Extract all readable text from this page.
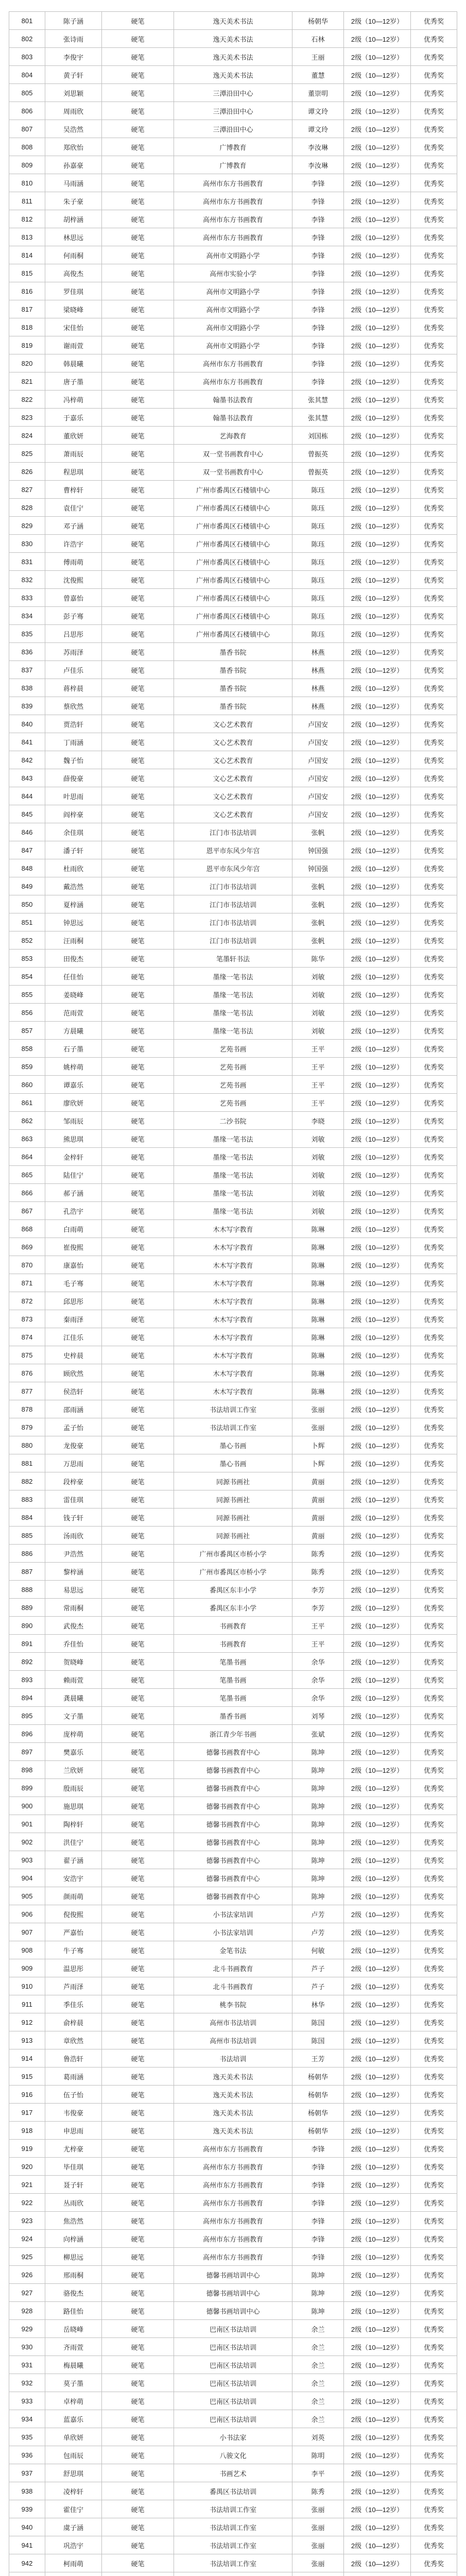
801	陈子涵	硬笔	逸天美术书法	杨朝华	2级（10—12岁）	优秀奖
802	张诗雨	硬笔	逸天美术书法	石林	2级（10—12岁）	优秀奖
803	李俊宇	硬笔	逸天美术书法	王丽	2级（10—12岁）	优秀奖
804	黄子轩	硬笔	逸天美术书法	董慧	2级（10—12岁）	优秀奖
805	刘思颖	硬笔	三潭沿田中心	董崇明	2级（10—12岁）	优秀奖
806	周雨欣	硬笔	三潭沿田中心	谭文玲	2级（10—12岁）	优秀奖
807	吴浩然	硬笔	三潭沿田中心	谭文玲	2级（10—12岁）	优秀奖
808	郑欣怡	硬笔	广博教育	李汝琳	2级（10—12岁）	优秀奖
809	孙嘉豪	硬笔	广博教育	李汝琳	2级（10—12岁）	优秀奖
810	马雨涵	硬笔	高州市东方书画教育	李锋	2级（10—12岁）	优秀奖
811	朱子豪	硬笔	高州市东方书画教育	李锋	2级（10—12岁）	优秀奖
812	胡梓涵	硬笔	高州市东方书画教育	李锋	2级（10—12岁）	优秀奖
813	林思远	硬笔	高州市东方书画教育	李锋	2级（10—12岁）	优秀奖
814	何雨桐	硬笔	高州市文明路小学	李锋	2级（10—12岁）	优秀奖
815	高俊杰	硬笔	高州市实验小学	李锋	2级（10—12岁）	优秀奖
816	罗佳琪	硬笔	高州市文明路小学	李锋	2级（10—12岁）	优秀奖
817	梁晓峰	硬笔	高州市文明路小学	李锋	2级（10—12岁）	优秀奖
818	宋佳怡	硬笔	高州市文明路小学	李锋	2级（10—12岁）	优秀奖
819	谢雨萱	硬笔	高州市文明路小学	李锋	2级（10—12岁）	优秀奖
820	韩晨曦	硬笔	高州市东方书画教育	李锋	2级（10—12岁）	优秀奖
821	唐子墨	硬笔	高州市东方书画教育	李锋	2级（10—12岁）	优秀奖
822	冯梓萌	硬笔	翰墨书法教育	张其慧	2级（10—12岁）	优秀奖
823	于嘉乐	硬笔	翰墨书法教育	张其慧	2级（10—12岁）	优秀奖
824	董欣妍	硬笔	艺海教育	刘国栋	2级（10—12岁）	优秀奖
825	萧雨辰	硬笔	双一堂书画教育中心	曾振英	2级（10—12岁）	优秀奖
826	程思琪	硬笔	双一堂书画教育中心	曾振英	2级（10—12岁）	优秀奖
827	曹梓轩	硬笔	广州市番禺区石楼镇中心	陈珏	2级（10—12岁）	优秀奖
828	袁佳宁	硬笔	广州市番禺区石楼镇中心	陈珏	2级（10—12岁）	优秀奖
829	邓子涵	硬笔	广州市番禺区石楼镇中心	陈珏	2级（10—12岁）	优秀奖
830	许浩宇	硬笔	广州市番禺区石楼镇中心	陈珏	2级（10—12岁）	优秀奖
831	傅雨萌	硬笔	广州市番禺区石楼镇中心	陈珏	2级（10—12岁）	优秀奖
832	沈俊熙	硬笔	广州市番禺区石楼镇中心	陈珏	2级（10—12岁）	优秀奖
833	曾嘉怡	硬笔	广州市番禺区石楼镇中心	陈珏	2级（10—12岁）	优秀奖
834	彭子骞	硬笔	广州市番禺区石楼镇中心	陈珏	2级（10—12岁）	优秀奖
835	吕思彤	硬笔	广州市番禺区石楼镇中心	陈珏	2级（10—12岁）	优秀奖
836	苏雨泽	硬笔	墨香书院	林燕	2级（10—12岁）	优秀奖
837	卢佳乐	硬笔	墨香书院	林燕	2级（10—12岁）	优秀奖
838	蒋梓晨	硬笔	墨香书院	林燕	2级（10—12岁）	优秀奖
839	蔡欣然	硬笔	墨香书院	林燕	2级（10—12岁）	优秀奖
840	贾浩轩	硬笔	文心艺术教育	卢国安	2级（10—12岁）	优秀奖
841	丁雨涵	硬笔	文心艺术教育	卢国安	2级（10—12岁）	优秀奖
842	魏子怡	硬笔	文心艺术教育	卢国安	2级（10—12岁）	优秀奖
843	薛俊豪	硬笔	文心艺术教育	卢国安	2级（10—12岁）	优秀奖
844	叶思雨	硬笔	文心艺术教育	卢国安	2级（10—12岁）	优秀奖
845	阎梓豪	硬笔	文心艺术教育	卢国安	2级（10—12岁）	优秀奖
846	余佳琪	硬笔	江门市书法培训	张帆	2级（10—12岁）	优秀奖
847	潘子轩	硬笔	恩平市东风少年宫	钟国强	2级（10—12岁）	优秀奖
848	杜雨欣	硬笔	恩平市东风少年宫	钟国强	2级（10—12岁）	优秀奖
849	戴浩然	硬笔	江门市书法培训	张帆	2级（10—12岁）	优秀奖
850	夏梓涵	硬笔	江门市书法培训	张帆	2级（10—12岁）	优秀奖
851	钟思远	硬笔	江门市书法培训	张帆	2级（10—12岁）	优秀奖
852	汪雨桐	硬笔	江门市书法培训	张帆	2级（10—12岁）	优秀奖
853	田俊杰	硬笔	笔墨轩书法	陈华	2级（10—12岁）	优秀奖
854	任佳怡	硬笔	墨缘一笔书法	刘敏	2级（10—12岁）	优秀奖
855	姜晓峰	硬笔	墨缘一笔书法	刘敏	2级（10—12岁）	优秀奖
856	范雨萱	硬笔	墨缘一笔书法	刘敏	2级（10—12岁）	优秀奖
857	方晨曦	硬笔	墨缘一笔书法	刘敏	2级（10—12岁）	优秀奖
858	石子墨	硬笔	艺苑书画	王平	2级（10—12岁）	优秀奖
859	姚梓萌	硬笔	艺苑书画	王平	2级（10—12岁）	优秀奖
860	谭嘉乐	硬笔	艺苑书画	王平	2级（10—12岁）	优秀奖
861	廖欣妍	硬笔	艺苑书画	王平	2级（10—12岁）	优秀奖
862	邹雨辰	硬笔	二沙书院	李晓	2级（10—12岁）	优秀奖
863	熊思琪	硬笔	墨缘一笔书法	刘敏	2级（10—12岁）	优秀奖
864	金梓轩	硬笔	墨缘一笔书法	刘敏	2级（10—12岁）	优秀奖
865	陆佳宁	硬笔	墨缘一笔书法	刘敏	2级（10—12岁）	优秀奖
866	郝子涵	硬笔	墨缘一笔书法	刘敏	2级（10—12岁）	优秀奖
867	孔浩宇	硬笔	墨缘一笔书法	刘敏	2级（10—12岁）	优秀奖
868	白雨萌	硬笔	木木写字教育	陈琳	2级（10—12岁）	优秀奖
869	崔俊熙	硬笔	木木写字教育	陈琳	2级（10—12岁）	优秀奖
870	康嘉怡	硬笔	木木写字教育	陈琳	2级（10—12岁）	优秀奖
871	毛子骞	硬笔	木木写字教育	陈琳	2级（10—12岁）	优秀奖
872	邱思彤	硬笔	木木写字教育	陈琳	2级（10—12岁）	优秀奖
873	秦雨泽	硬笔	木木写字教育	陈琳	2级（10—12岁）	优秀奖
874	江佳乐	硬笔	木木写字教育	陈琳	2级（10—12岁）	优秀奖
875	史梓晨	硬笔	木木写字教育	陈琳	2级（10—12岁）	优秀奖
876	顾欣然	硬笔	木木写字教育	陈琳	2级（10—12岁）	优秀奖
877	侯浩轩	硬笔	木木写字教育	陈琳	2级（10—12岁）	优秀奖
878	邵雨涵	硬笔	书法培训工作室	张丽	2级（10—12岁）	优秀奖
879	孟子怡	硬笔	书法培训工作室	张丽	2级（10—12岁）	优秀奖
880	龙俊豪	硬笔	墨心书画	卜辉	2级（10—12岁）	优秀奖
881	万思雨	硬笔	墨心书画	卜辉	2级（10—12岁）	优秀奖
882	段梓豪	硬笔	同源书画社	黄丽	2级（10—12岁）	优秀奖
883	雷佳琪	硬笔	同源书画社	黄丽	2级（10—12岁）	优秀奖
884	钱子轩	硬笔	同源书画社	黄丽	2级（10—12岁）	优秀奖
885	汤雨欣	硬笔	同源书画社	黄丽	2级（10—12岁）	优秀奖
886	尹浩然	硬笔	广州市番禺区市桥小学	陈秀	2级（10—12岁）	优秀奖
887	黎梓涵	硬笔	广州市番禺区市桥小学	陈秀	2级（10—12岁）	优秀奖
888	易思远	硬笔	番禺区东丰小学	李芳	2级（10—12岁）	优秀奖
889	常雨桐	硬笔	番禺区东丰小学	李芳	2级（10—12岁）	优秀奖
890	武俊杰	硬笔	书画教育	王平	2级（10—12岁）	优秀奖
891	乔佳怡	硬笔	书画教育	王平	2级（10—12岁）	优秀奖
892	贺晓峰	硬笔	笔墨书画	余华	2级（10—12岁）	优秀奖
893	赖雨萱	硬笔	笔墨书画	余华	2级（10—12岁）	优秀奖
894	龚晨曦	硬笔	笔墨书画	余华	2级（10—12岁）	优秀奖
895	文子墨	硬笔	墨香书画	刘琴	2级（10—12岁）	优秀奖
896	庞梓萌	硬笔	浙江青少年书画	张斌	2级（10—12岁）	优秀奖
897	樊嘉乐	硬笔	德馨书画教育中心	陈坤	2级（10—12岁）	优秀奖
898	兰欣妍	硬笔	德馨书画教育中心	陈坤	2级（10—12岁）	优秀奖
899	殷雨辰	硬笔	德馨书画教育中心	陈坤	2级（10—12岁）	优秀奖
900	施思琪	硬笔	德馨书画教育中心	陈坤	2级（10—12岁）	优秀奖
901	陶梓轩	硬笔	德馨书画教育中心	陈坤	2级（10—12岁）	优秀奖
902	洪佳宁	硬笔	德馨书画教育中心	陈坤	2级（10—12岁）	优秀奖
903	翟子涵	硬笔	德馨书画教育中心	陈坤	2级（10—12岁）	优秀奖
904	安浩宇	硬笔	德馨书画教育中心	陈坤	2级（10—12岁）	优秀奖
905	颜雨萌	硬笔	德馨书画教育中心	陈坤	2级（10—12岁）	优秀奖
906	倪俊熙	硬笔	小书法家培训	卢芳	2级（10—12岁）	优秀奖
907	严嘉怡	硬笔	小书法家培训	卢芳	2级（10—12岁）	优秀奖
908	牛子骞	硬笔	金笔书法	何敏	2级（10—12岁）	优秀奖
909	温思彤	硬笔	北斗书画教育	芦子	2级（10—12岁）	优秀奖
910	芦雨泽	硬笔	北斗书画教育	芦子	2级（10—12岁）	优秀奖
911	季佳乐	硬笔	桃李书院	林华	2级（10—12岁）	优秀奖
912	俞梓晨	硬笔	高州市书法培训	陈国	2级（10—12岁）	优秀奖
913	章欣然	硬笔	高州市书法培训	陈国	2级（10—12岁）	优秀奖
914	鲁浩轩	硬笔	书法培训	王芳	2级（10—12岁）	优秀奖
915	葛雨涵	硬笔	逸天美术书法	杨朝华	2级（10—12岁）	优秀奖
916	伍子怡	硬笔	逸天美术书法	杨朝华	2级（10—12岁）	优秀奖
917	韦俊豪	硬笔	逸天美术书法	杨朝华	2级（10—12岁）	优秀奖
918	申思雨	硬笔	逸天美术书法	杨朝华	2级（10—12岁）	优秀奖
919	尤梓豪	硬笔	高州市东方书画教育	李锋	2级（10—12岁）	优秀奖
920	毕佳琪	硬笔	高州市东方书画教育	李锋	2级（10—12岁）	优秀奖
921	聂子轩	硬笔	高州市东方书画教育	李锋	2级（10—12岁）	优秀奖
922	丛雨欣	硬笔	高州市东方书画教育	李锋	2级（10—12岁）	优秀奖
923	焦浩然	硬笔	高州市东方书画教育	李锋	2级（10—12岁）	优秀奖
924	向梓涵	硬笔	高州市东方书画教育	李锋	2级（10—12岁）	优秀奖
925	柳思远	硬笔	高州市东方书画教育	李锋	2级（10—12岁）	优秀奖
926	邢雨桐	硬笔	德馨书画培训中心	陈坤	2级（10—12岁）	优秀奖
927	骆俊杰	硬笔	德馨书画培训中心	陈坤	2级（10—12岁）	优秀奖
928	路佳怡	硬笔	德馨书画培训中心	陈坤	2级（10—12岁）	优秀奖
929	岳晓峰	硬笔	巴南区书法培训	余兰	2级（10—12岁）	优秀奖
930	齐雨萱	硬笔	巴南区书法培训	余兰	2级（10—12岁）	优秀奖
931	梅晨曦	硬笔	巴南区书法培训	余兰	2级（10—12岁）	优秀奖
932	莫子墨	硬笔	巴南区书法培训	余兰	2级（10—12岁）	优秀奖
933	卓梓萌	硬笔	巴南区书法培训	余兰	2级（10—12岁）	优秀奖
934	蓝嘉乐	硬笔	巴南区书法培训	余兰	2级（10—12岁）	优秀奖
935	单欣妍	硬笔	小书法家	刘英	2级（10—12岁）	优秀奖
936	包雨辰	硬笔	八骏文化	陈明	2级（10—12岁）	优秀奖
937	舒思琪	硬笔	书画艺术	李平	2级（10—12岁）	优秀奖
938	凌梓轩	硬笔	番禺区书法培训	陈秀	2级（10—12岁）	优秀奖
939	霍佳宁	硬笔	书法培训工作室	张丽	2级（10—12岁）	优秀奖
940	虞子涵	硬笔	书法培训工作室	张丽	2级（10—12岁）	优秀奖
941	巩浩宇	硬笔	书法培训工作室	张丽	2级（10—12岁）	优秀奖
942	柯雨萌	硬笔	书法培训工作室	张丽	2级（10—12岁）	优秀奖
